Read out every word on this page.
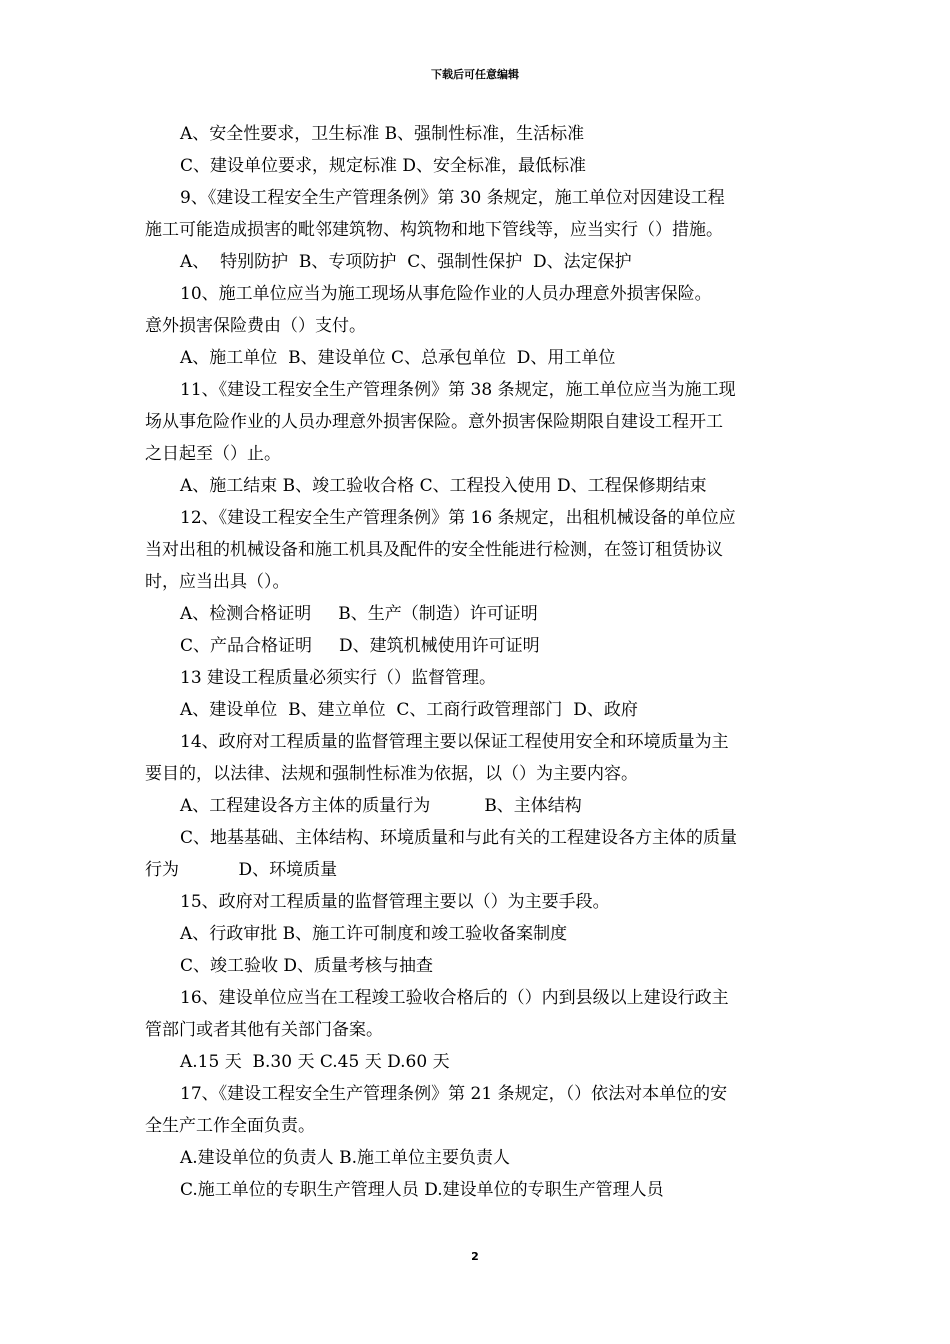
下载后可任意编辑
A、安全性要求，卫生标准 B、强制性标准，生活标准
C、建设单位要求，规定标准 D、安全标准，最低标准
9、《建设工程安全生产管理条例》第 30 条规定，施工单位对因建设工程
施工可能造成损害的毗邻建筑物、构筑物和地下管线等，应当实行（）措施。
A、  特别防护  B、专项防护  C、强制性保护  D、法定保护
10、施工单位应当为施工现场从事危险作业的人员办理意外损害保险。
意外损害保险费由（）支付。
A、施工单位  B、建设单位 C、总承包单位  D、用工单位
11、《建设工程安全生产管理条例》第 38 条规定，施工单位应当为施工现
场从事危险作业的人员办理意外损害保险。意外损害保险期限自建设工程开工
之日起至（）止。
A、施工结束 B、竣工验收合格 C、工程投入使用 D、工程保修期结束
12、《建设工程安全生产管理条例》第 16 条规定，出租机械设备的单位应
当对出租的机械设备和施工机具及配件的安全性能进行检测，在签订租赁协议
时，应当出具（）。
A、检测合格证明     B、生产（制造）许可证明
C、产品合格证明     D、建筑机械使用许可证明
13 建设工程质量必须实行（）监督管理。
A、建设单位  B、建立单位  C、工商行政管理部门  D、政府
14、政府对工程质量的监督管理主要以保证工程使用安全和环境质量为主
要目的，以法律、法规和强制性标准为依据，以（）为主要内容。
A、工程建设各方主体的质量行为          B、主体结构
C、地基基础、主体结构、环境质量和与此有关的工程建设各方主体的质量
行为           D、环境质量
15、政府对工程质量的监督管理主要以（）为主要手段。
A、行政审批 B、施工许可制度和竣工验收备案制度
C、竣工验收 D、质量考核与抽查
16、建设单位应当在工程竣工验收合格后的（）内到县级以上建设行政主
管部门或者其他有关部门备案。
A.15 天  B.30 天 C.45 天 D.60 天
17、《建设工程安全生产管理条例》第 21 条规定，（）依法对本单位的安
全生产工作全面负责。
A.建设单位的负责人 B.施工单位主要负责人
C.施工单位的专职生产管理人员 D.建设单位的专职生产管理人员
2
